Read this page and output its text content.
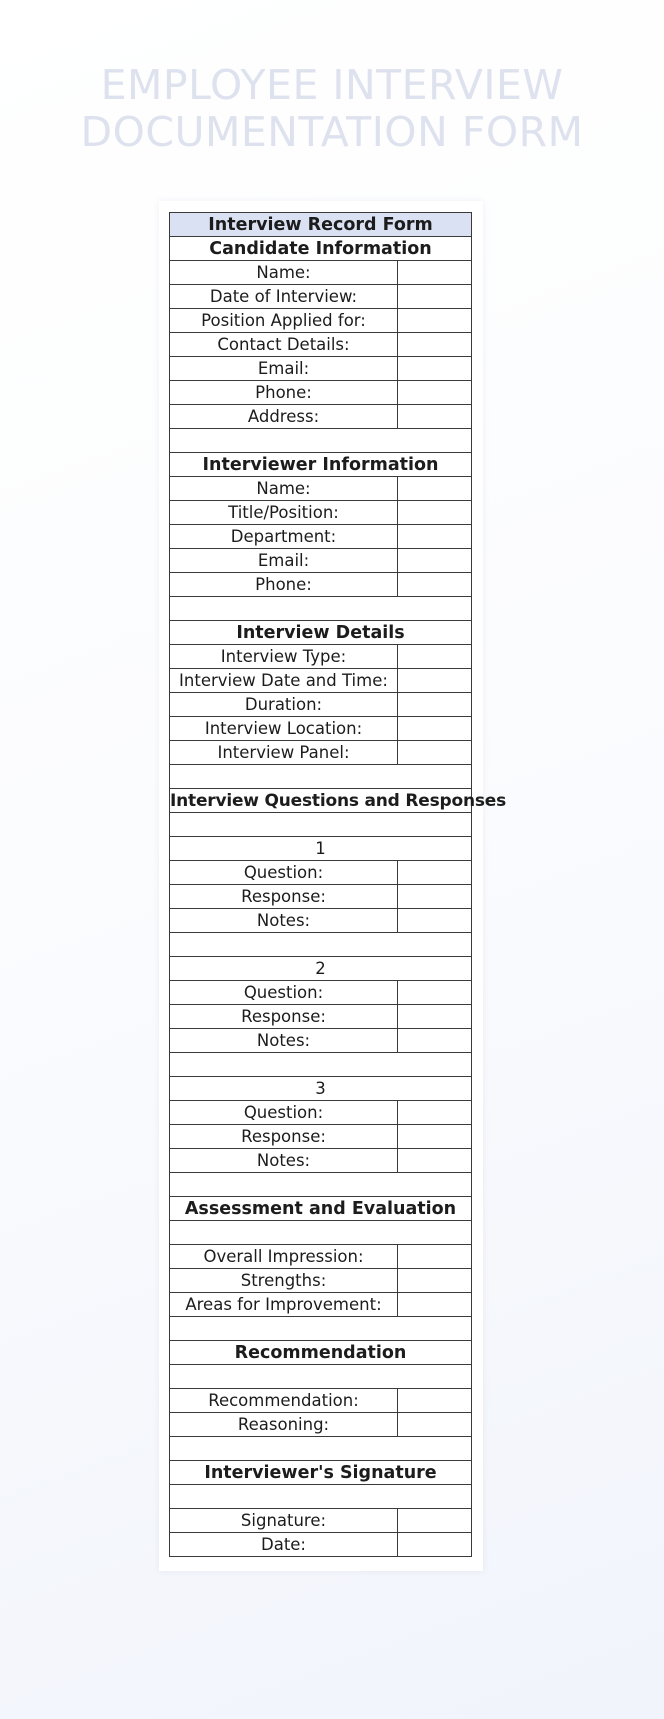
EMPLOYEE INTERVIEW
DOCUMENTATION FORM
Interview Record Form	
Candidate Information	
Name:	
Date of Interview:	
Position Applied for:	
Contact Details:	
Email:	
Phone:	
Address:	

Interviewer Information	
Name:	
Title/Position:	
Department:	
Email:	
Phone:	

Interview Details	
Interview Type:	
Interview Date and Time:	
Duration:	
Interview Location:	
Interview Panel:	

Interview Questions and Responses	

1	
Question:	
Response:	
Notes:	

2	
Question:	
Response:	
Notes:	

3	
Question:	
Response:	
Notes:	

Assessment and Evaluation	

Overall Impression:	
Strengths:	
Areas for Improvement:	

Recommendation	

Recommendation:	
Reasoning:	

Interviewer's Signature	

Signature:	
Date:	
